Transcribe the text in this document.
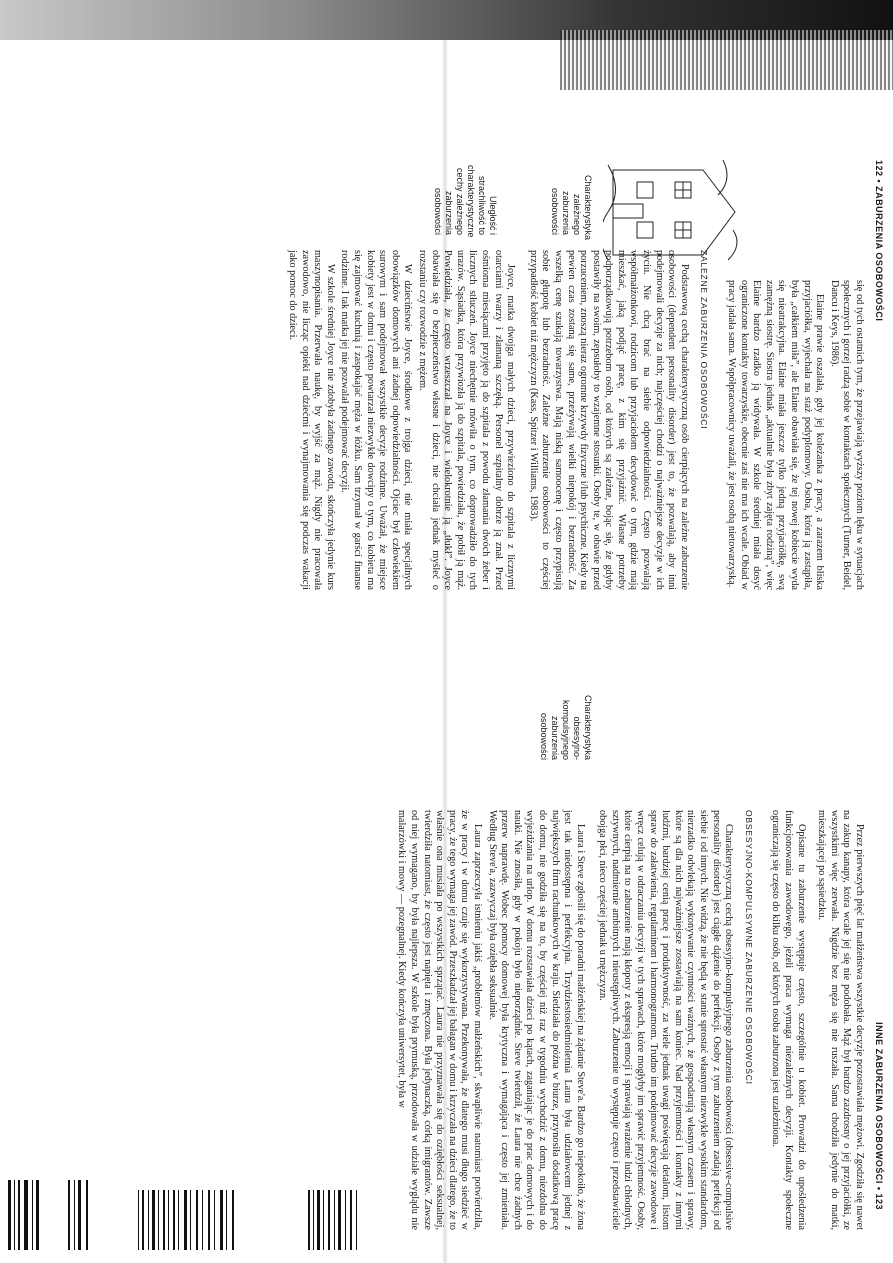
122 • ZABURZENIA OSOBOWOŚCI
Charakterystyka zależnego zaburzenia osobowości
Uległość i strachliwość to charakterystyczne cechy zależnego zaburzenia osobowości

się od tych ostatnich tym, że przejawiają wyższy poziom lęku w sytuacjach społecznych i gorzej radzą sobie w kontaktach społecznych (Turner, Beidel, Dancu i Keys, 1986).

Elaine prawie oszalała, gdy jej koleżanka z pracy, a zarazem bliska przyjaciółka, wyjechała na staż podyplomowy. Osoba, która ją zastąpiła, była „całkiem miła”, ale Elaine obawiała się, że tej nowej kobiecie wyda się nieatrakcyjna. Elaine miała jeszcze tylko jedną przyjaciółkę, swą zamężną siostrę. Siostra jednak „aktualnie była zbyt zajęta rodziną”, więc Elaine bardzo rzadko ją widywała. W szkole średniej miała dosyć ograniczone kontakty towarzyskie, obecnie zaś nie ma ich wcale. Obiad w pracy jadała sama. Współpracownicy uważali, że jest osobą nietowarzyską.

ZALEŻNE ZABURZENIA OSOBOWOŚCI

Podstawową cechą charakterystyczną osób cierpiących na zależne zaburzenie osobowości (dependent personality disorder) jest to, że pozwalają, aby inni podejmowali decyzje za nich; najczęściej chodzi o najważniejsze decyzje w ich życiu. Nie chcą brać na siebie odpowiedzialności. Często pozwalają współmałżonkowi, rodzicom lub przyjaciołom decydować o tym, gdzie mają mieszkać, jaką podjąć pracę, z kim się przyjaźnić. Własne potrzeby podporządkowują potrzebom osób, od których są zależne, bojąc się, że gdyby postawiły na swoim, zepsułoby to wzajemne stosunki. Osoby te, w obawie przed porzuceniem, znoszą nieraz ogromne krzywdy fizyczne i/lub psychiczne. Kiedy na pewien czas zostaną się same, przeżywają wielki niepokój i bezradność. Za wszelką cenę szukają towarzystwa. Mają niską samoocenę i często przypisują sobie głupotę lub bezradność. Zależne zaburzenie osobowości to częściej przypadłość kobiet niż mężczyzn (Kass, Spitzer i Williams, 1983).

Joyce, matka dwojga małych dzieci, przywieziono do szpitala z licznymi otarciami twarzy i złamaną szczęką. Personel szpitalny dobrze ją znał. Przed ośmioma miesiącami przyjęto ją do szpitala z powodu złamania dwóch żeber i licznych stłuczeń. Joyce niechętnie mówiła o tym, co doprowadziło do tych urazów. Sąsiadka, która przywiozła ją do szpitala, powiedziała, że pobił ją mąż. Powiedziała, że często wrzeszczał na Joyce i wielokrotnie ją „tłukł”. Joyce obawiała się o bezpieczeństwo własne i dzieci, nie chciała jednak myśleć o rozstaniu czy rozwodzie z mężem.

W dzieciństwie Joyce, środkowe z trojga dzieci, nie miała specjalnych obowiązków domowych ani żadnej odpowiedzialności. Ojciec był człowiekiem surowym i sam podejmował wszystkie decyzje rodzinne. Uważał, że miejsce kobiety jest w domu i często powtarzał niezwykłe dowcipy o tym, co kobieta ma się zajmować kuchnią i zaspokajać męża w łóżku. Sam trzymał w garści finanse rodzinne. I tak matka jej nie pozwalał podejmować decyzji.

W szkole średniej Joyce nie zdobyła żadnego zawodu, skończyła jedynie kurs maszynopisania. Przerwała naukę, by wyjść za mąż. Nigdy nie pracowała zawodowo, nie licząc opieki nad dziećmi i wynajmowania się podczas wakacji jako pomoc do dzieci.

INNE ZABURZENIA OSOBOWOŚCI • 123
Charakterystyka obsesyjno-kompulsyjnego zaburzenia osobowości

Przez pierwszych pięć lat małżeństwa wszystkie decyzje pozostawiała mężowi. Zgodziła się nawet na zakup kanapy, która wcale jej się nie podobała. Mąż był bardzo zazdrosny o jej przyjaciółki, ze wszystkimi więc zerwała. Nigdzie bez męża się nie ruszała. Sama chodziła jedynie do matki, mieszkającej po sąsiedzku.

Opisane tu zaburzenie występuje często, szczególnie u kobiet. Prowadzi do upośledzenia funkcjonowania zawodowego, jeżeli praca wymaga niezależnych decyzji. Kontakty społeczne ograniczają się często do kilku osób, od których osoba zaburzona jest uzależniona.

OBSESYJNO-KOMPULSYWNE ZABURZENIE OSOBOWOŚCI

Charakterystyczną cechą obsesyjno-kompulsyjnego zaburzenia osobowości (obsessive-compulsive personality disorder) jest ciągłe dążenie do perfekcji. Osoby z tym zaburzeniem zadają perfekcji od siebie i od innych. Nie widzą, że nie będą w stanie sprostać własnym niezwykle wysokim standardom, nierzadko odwlekają wykonywanie czynności ważnych, że gospodarują własnym czasem i sprawy, które są dla nich najważniejsze zostawiają na sam koniec. Nad przyjemności i kontakty z innymi ludźmi, bardziej cenią pracę i produktywność, za wiele jednak uwagi poświęcają detalom, listom spraw do załatwienia, regulaminom i harmonogramom. Trudno im podejmować decyzje zawodowe i wręcz celują w odraczaniu decyzji w tych sprawach, które mogłyby im sprawić przyjemność. Osoby, które cierpią na to zaburzenie mają kłopoty z ekspresją emocji i sprawiają wrażenie ludzi chłodnych, sztywnych, nadmiernie ambitnych i nieustępliwych. Zaburzenie to występuje często i przedstawiciele obojga płci, nieco częściej jednak u mężczyzn.

Laura i Steve zgłosili się do poradni małżeńskiej na żądanie Steve'a. Bardzo go niepokoiło, że żona jest tak niedostępna i perfekcyjna. Trzydziestosiedmioletnia Laura była udziałowcem jednej z największych firm rachunkowych w kraju. Siedziała do późna w biurze, przynosiła dodatkową pracę do domu, nie godziła się na to, by częściej niż raz w tygodniu wychodzić z domu, niezdolna do wyjeżdżania na urlop. W domu rozstawiała dzieci po kątach, zaganiając je do prac domowych i do nauki. Nie znosiła, gdy w pokoju było nieporządnie. Steve twierdził, że Laura nie chce żadnych przerw naprawdę. Wobec pomocy domowej była krytyczna i wymagająca i często jej zmieniała. Według Steve'a, zazwyczaj była oziębła seksualnie.

Laura zaprzeczyła istnieniu jakiś „problemów małżeńskich”, skwapliwie natomiast potwierdziła, że w pracy i w domu czuje się wykorzystywana. Przekonywała, że dlatego musi długo siedzieć w pracy, że tego wymaga jej zawód. Przeszkadzał jej bałagan w domu i krzyczała na dzieci dlatego, że to właśnie ona musiała po wszystkich sprzątać. Laura nie przyznawała się do oziębłości seksualnej, twierdziła natomiast, że często jest napięta i zmęczona. Była jedynaczką, córką imigrantów. Zawsze od niej wymagano, by była najlepsza. W szkole była prymuską, przodowała w udziale wyglądu nie malarzówki i mowy — pozegnalnej. Kiedy kończyła uniwersytet, była w
